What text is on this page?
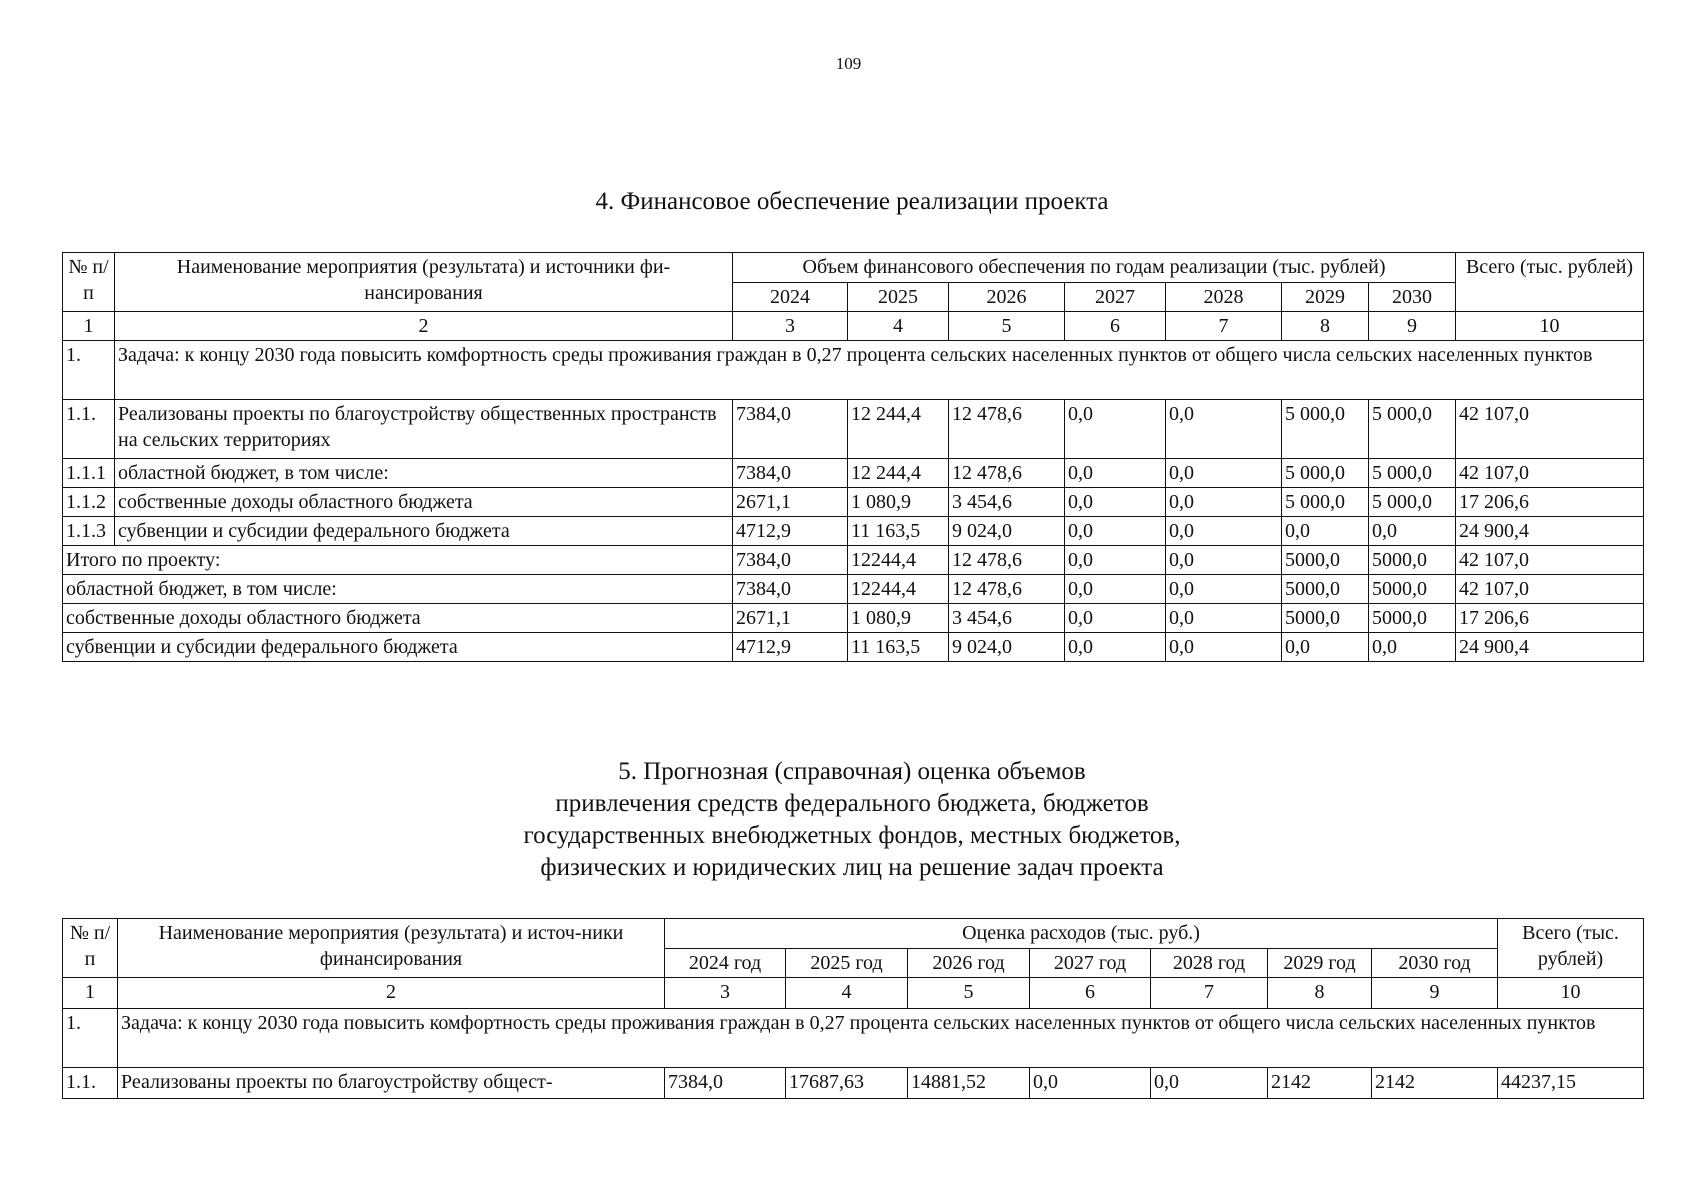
109
4. Финансовое обеспечение реализации проекта
№ п/п	Наименование мероприятия (результата) и источники фи-нансирования	Объем финансового обеспечения по годам реализации (тыс. рублей)							Всего (тыс. рублей)
		2024	2025	2026	2027	2028	2029	2030	
1	2	3	4	5	6	7	8	9	10
1.	Задача: к концу 2030 года повысить комфортность среды проживания граждан в 0,27 процента сельских населенных пунктов от общего числа сельских населенных пунктов								
1.1.	Реализованы проекты по благоустройству общественных пространств на сельских территориях	7384,0	12 244,4	12 478,6	0,0	0,0	5 000,0	5 000,0	42 107,0
1.1.1	областной бюджет, в том числе:	7384,0	12 244,4	12 478,6	0,0	0,0	5 000,0	5 000,0	42 107,0
1.1.2	собственные доходы областного бюджета	2671,1	1 080,9	3 454,6	0,0	0,0	5 000,0	5 000,0	17 206,6
1.1.3	субвенции и субсидии федерального бюджета	4712,9	11 163,5	9 024,0	0,0	0,0	0,0	0,0	24 900,4
Итого по проекту:		7384,0	12244,4	12 478,6	0,0	0,0	5000,0	5000,0	42 107,0
областной бюджет, в том числе:		7384,0	12244,4	12 478,6	0,0	0,0	5000,0	5000,0	42 107,0
собственные доходы областного бюджета		2671,1	1 080,9	3 454,6	0,0	0,0	5000,0	5000,0	17 206,6
субвенции и субсидии федерального бюджета		4712,9	11 163,5	9 024,0	0,0	0,0	0,0	0,0	24 900,4
5. Прогнозная (справочная) оценка объемов
привлечения средств федерального бюджета, бюджетов
государственных внебюджетных фондов, местных бюджетов,
физических и юридических лиц на решение задач проекта
№ п/п	Наименование мероприятия (результата) и источ-ники финансирования	Оценка расходов (тыс. руб.)							Всего (тыс. рублей)
		2024 год	2025 год	2026 год	2027 год	2028 год	2029 год	2030 год	
1	2	3	4	5	6	7	8	9	10
1.	Задача: к концу 2030 года повысить комфортность среды проживания граждан в 0,27 процента сельских населенных пунктов от общего числа сельских населенных пунктов								
1.1.	Реализованы проекты по благоустройству общест-	7384,0	17687,63	14881,52	0,0	0,0	2142	2142	44237,15
